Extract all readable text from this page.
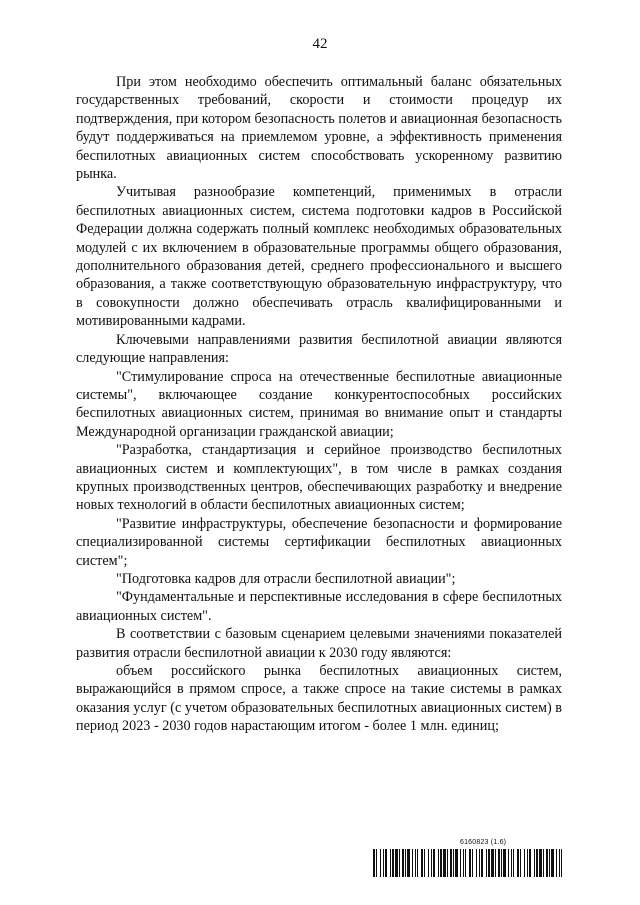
42

При этом необходимо обеспечить оптимальный баланс обязательных государственных требований, скорости и стоимости процедур их подтверждения, при котором безопасность полетов и авиационная безопасность будут поддерживаться на приемлемом уровне, а эффективность применения беспилотных авиационных систем способствовать ускоренному развитию рынка.

Учитывая разнообразие компетенций, применимых в отрасли беспилотных авиационных систем, система подготовки кадров в Российской Федерации должна содержать полный комплекс необходимых образовательных модулей с их включением в образовательные программы общего образования, дополнительного образования детей, среднего профессионального и высшего образования, а также соответствующую образовательную инфраструктуру, что в совокупности должно обеспечивать отрасль квалифицированными и мотивированными кадрами.

Ключевыми направлениями развития беспилотной авиации являются следующие направления:

"Стимулирование спроса на отечественные беспилотные авиационные системы", включающее создание конкурентоспособных российских беспилотных авиационных систем, принимая во внимание опыт и стандарты Международной организации гражданской авиации;

"Разработка, стандартизация и серийное производство беспилотных авиационных систем и комплектующих", в том числе в рамках создания крупных производственных центров, обеспечивающих разработку и внедрение новых технологий в области беспилотных авиационных систем;

"Развитие инфраструктуры, обеспечение безопасности и формирование специализированной системы сертификации беспилотных авиационных систем";

"Подготовка кадров для отрасли беспилотной авиации";

"Фундаментальные и перспективные исследования в сфере беспилотных авиационных систем".

В соответствии с базовым сценарием целевыми значениями показателей развития отрасли беспилотной авиации к 2030 году являются:

объем российского рынка беспилотных авиационных систем, выражающийся в прямом спросе, а также спросе на такие системы в рамках оказания услуг (с учетом образовательных беспилотных авиационных систем) в период 2023 - 2030 годов нарастающим итогом - более 1 млн. единиц;

6160823 (1.6)
